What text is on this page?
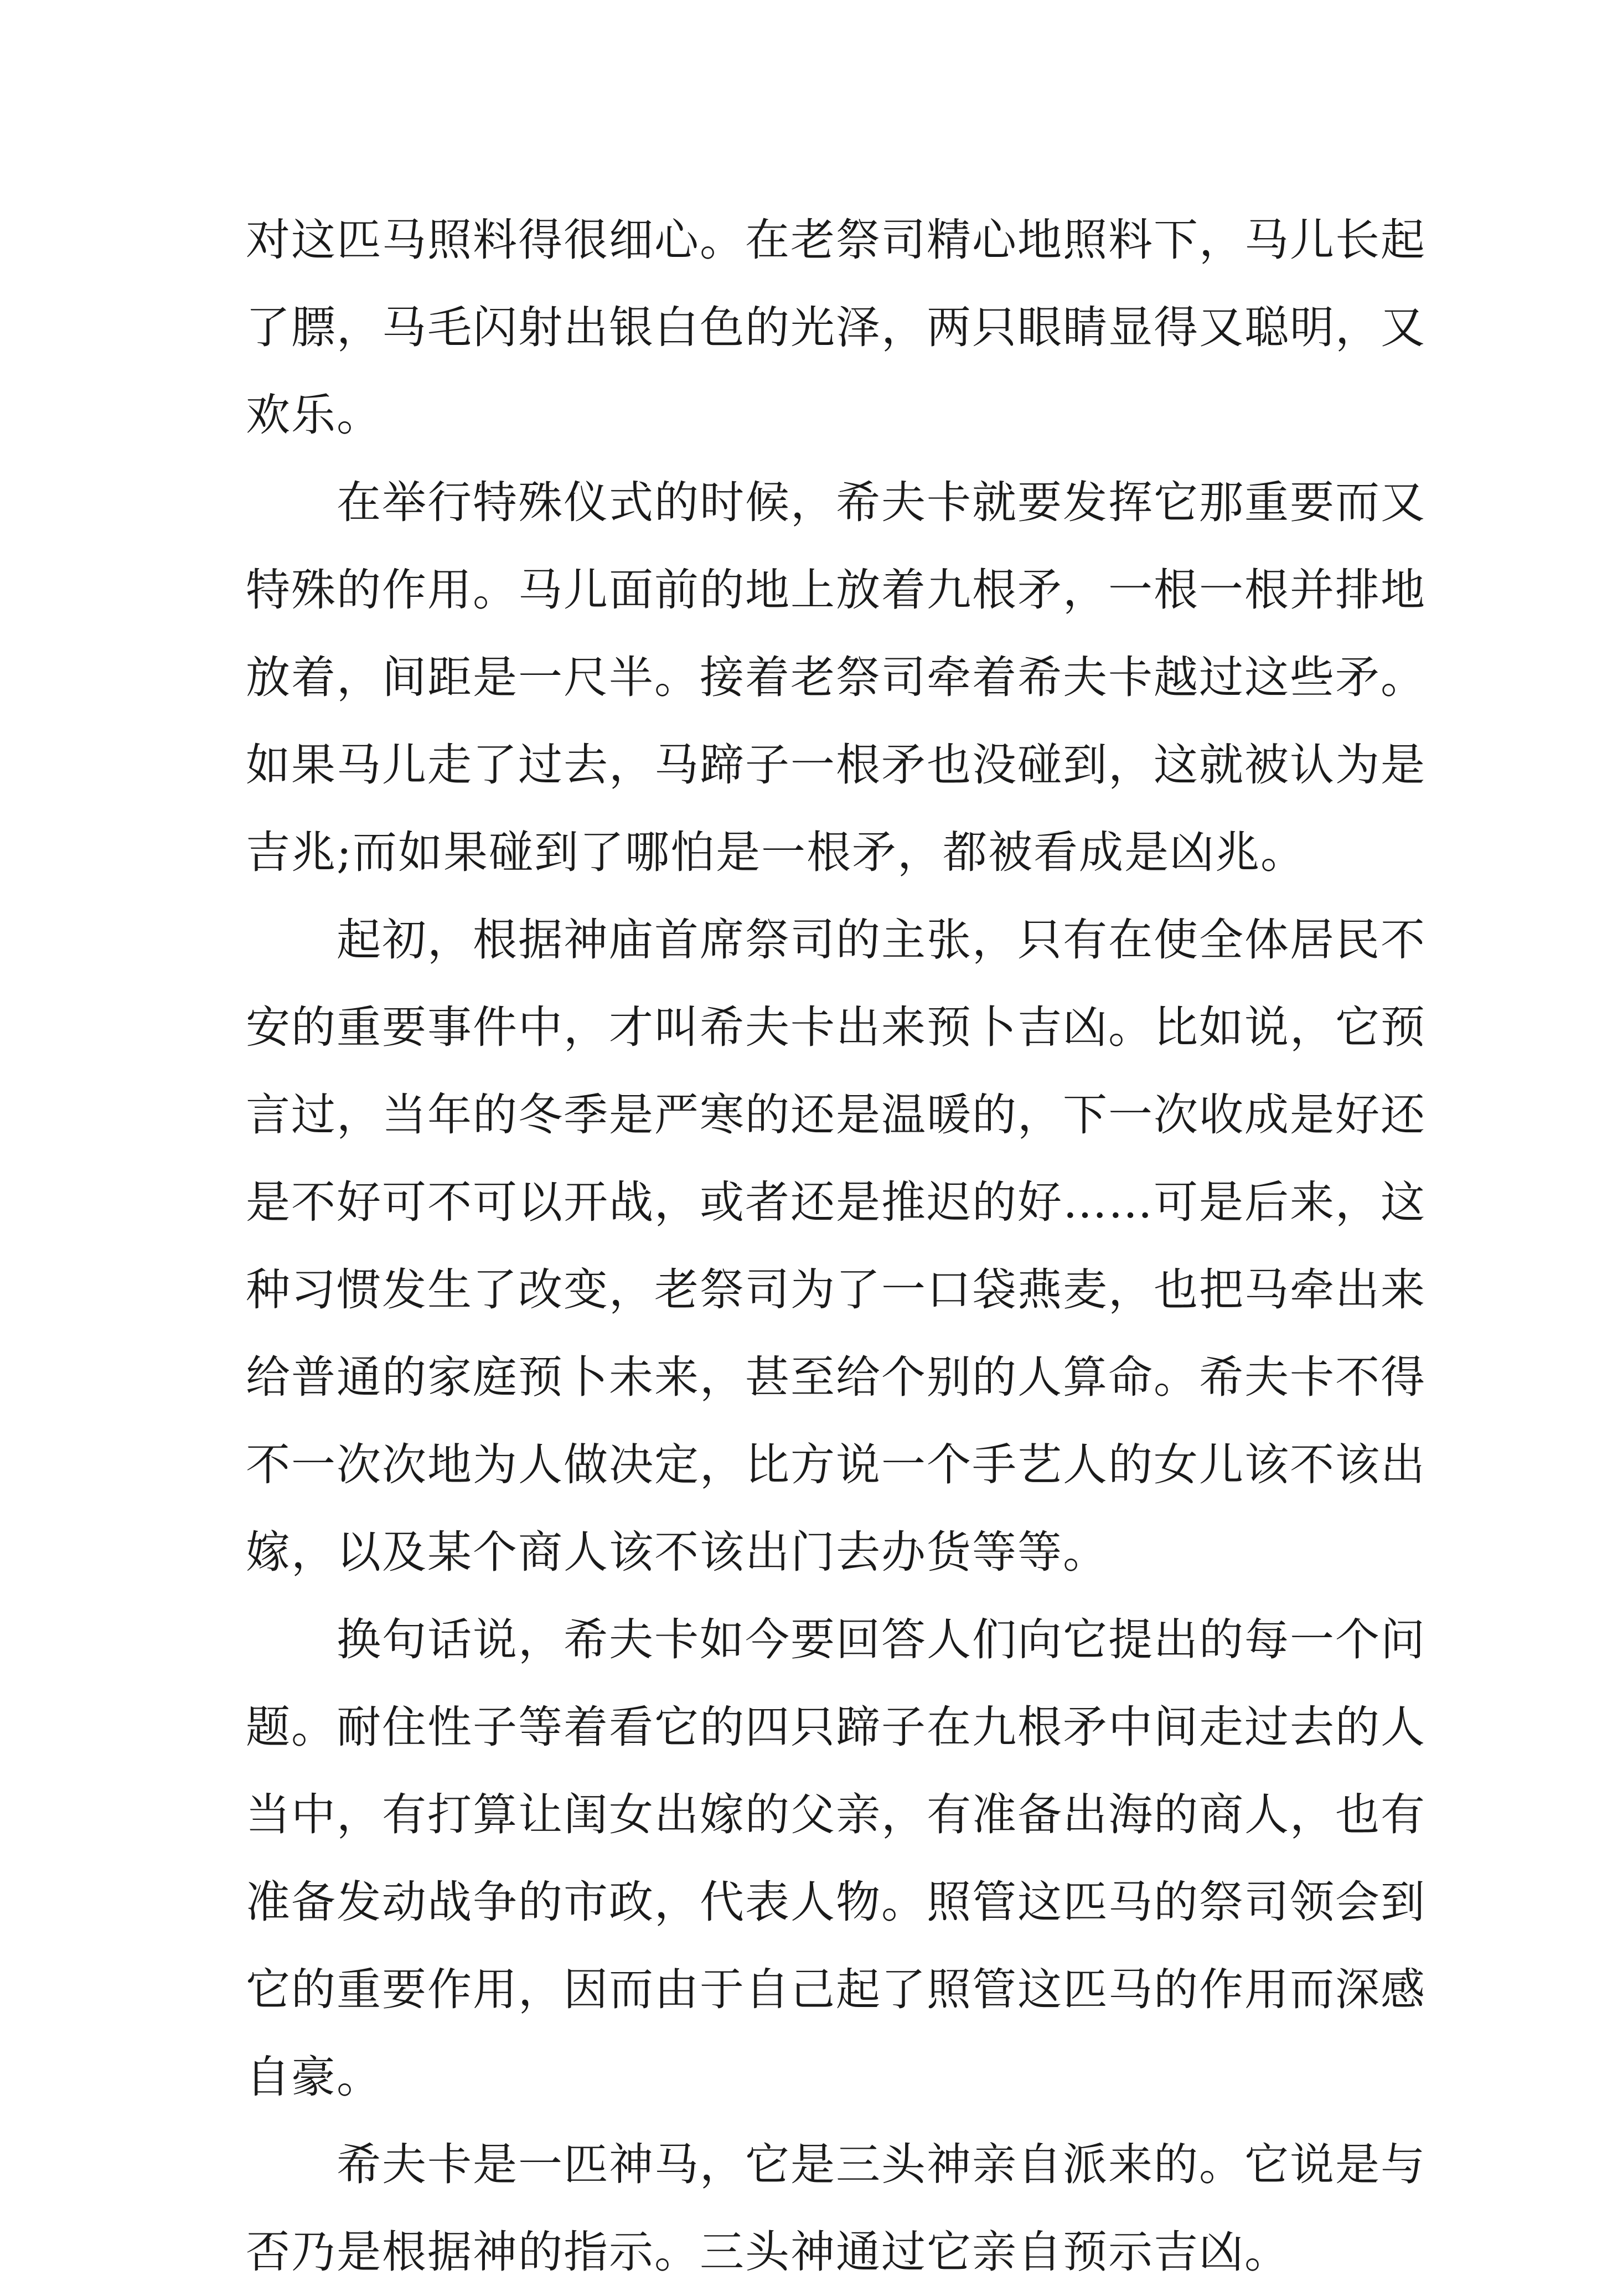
对这匹马照料得很细心。在老祭司精心地照料下，马儿长起
了膘，马毛闪射出银白色的光泽，两只眼睛显得又聪明，又
欢乐。
　　在举行特殊仪式的时候，希夫卡就要发挥它那重要而又
特殊的作用。马儿面前的地上放着九根矛，一根一根并排地
放着，间距是一尺半。接着老祭司牵着希夫卡越过这些矛。
如果马儿走了过去，马蹄子一根矛也没碰到，这就被认为是
吉兆;而如果碰到了哪怕是一根矛，都被看成是凶兆。
　　起初，根据神庙首席祭司的主张，只有在使全体居民不
安的重要事件中，才叫希夫卡出来预卜吉凶。比如说，它预
言过，当年的冬季是严寒的还是温暖的，下一次收成是好还
是不好可不可以开战，或者还是推迟的好……可是后来，这
种习惯发生了改变，老祭司为了一口袋燕麦，也把马牵出来
给普通的家庭预卜未来，甚至给个别的人算命。希夫卡不得
不一次次地为人做决定，比方说一个手艺人的女儿该不该出
嫁，以及某个商人该不该出门去办货等等。
　　换句话说，希夫卡如今要回答人们向它提出的每一个问
题。耐住性子等着看它的四只蹄子在九根矛中间走过去的人
当中，有打算让闺女出嫁的父亲，有准备出海的商人，也有
准备发动战争的市政，代表人物。照管这匹马的祭司领会到
它的重要作用，因而由于自己起了照管这匹马的作用而深感
自豪。
　　希夫卡是一匹神马，它是三头神亲自派来的。它说是与
否乃是根据神的指示。三头神通过它亲自预示吉凶。
